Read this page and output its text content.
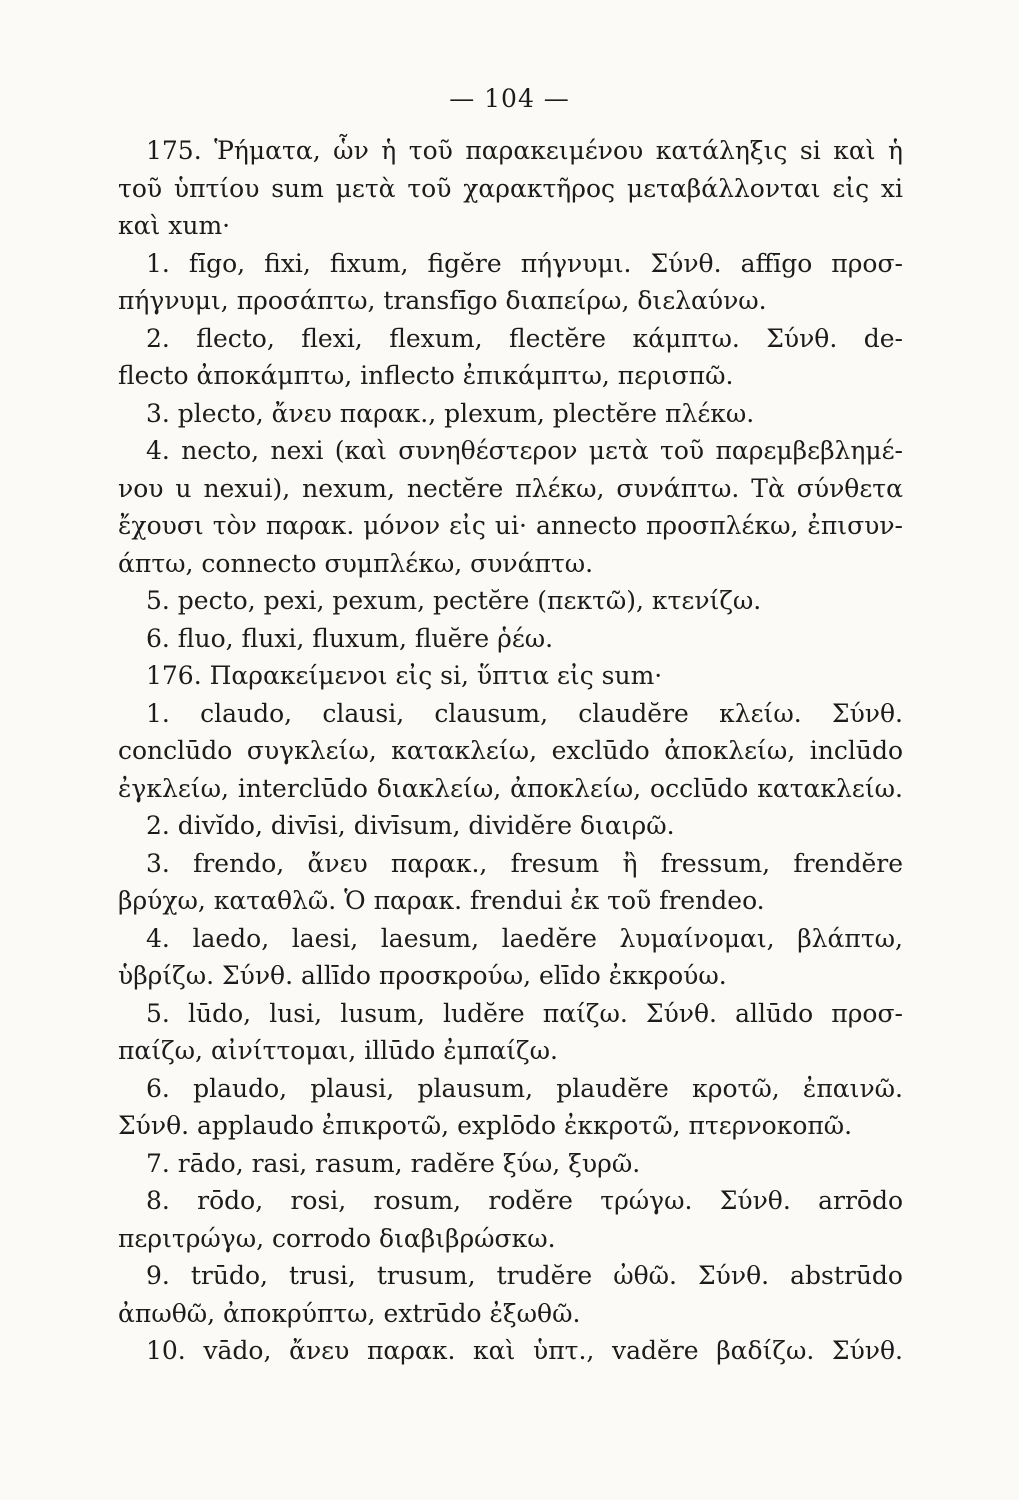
— 104 —
175. Ῥήματα, ὧν ἡ τοῦ παρακειμένου κατάληξις si καὶ ἡ
τοῦ ὑπτίου sum μετὰ τοῦ χαρακτῆρος μεταβάλλονται εἰς xi
καὶ xum·
1. fīgo, fixi, fixum, figĕre πήγνυμι. Σύνθ. affīgo προσ-
πήγνυμι, προσάπτω, transfīgo διαπείρω, διελαύνω.
2. flecto, flexi, flexum, flectĕre κάμπτω. Σύνθ. de-
flecto ἀποκάμπτω, inflecto ἐπικάμπτω, περισπῶ.
3. plecto, ἄνευ παρακ., plexum, plectĕre πλέκω.
4. necto, nexi (καὶ συνηθέστερον μετὰ τοῦ παρεμβεβλημέ-
νου u nexui), nexum, nectĕre πλέκω, συνάπτω. Τὰ σύνθετα
ἔχουσι τὸν παρακ. μόνον εἰς ui· annecto προσπλέκω, ἐπισυν-
άπτω, connecto συμπλέκω, συνάπτω.
5. pecto, pexi, pexum, pectĕre (πεκτῶ), κτενίζω.
6. fluo, fluxi, fluxum, fluĕre ῥέω.
176. Παρακείμενοι εἰς si, ὕπτια εἰς sum·
1. claudo, clausi, clausum, claudĕre κλείω. Σύνθ.
conclūdo συγκλείω, κατακλείω, exclūdo ἀποκλείω, inclūdo
ἐγκλείω, interclūdo διακλείω, ἀποκλείω, occlūdo κατακλείω.
2. divĭdo, divīsi, divīsum, dividĕre διαιρῶ.
3. frendo, ἄνευ παρακ., fresum ἢ fressum, frendĕre
βρύχω, καταθλῶ. Ὁ παρακ. frendui ἐκ τοῦ frendeo.
4. laedo, laesi, laesum, laedĕre λυμαίνομαι, βλάπτω,
ὑβρίζω. Σύνθ. allīdo προσκρούω, elīdo ἐκκρούω.
5. lūdo, lusi, lusum, ludĕre παίζω. Σύνθ. allūdo προσ-
παίζω, αἰνίττομαι, illūdo ἐμπαίζω.
6. plaudo, plausi, plausum, plaudĕre κροτῶ, ἐπαινῶ.
Σύνθ. applaudo ἐπικροτῶ, explōdo ἐκκροτῶ, πτερνοκοπῶ.
7. rādo, rasi, rasum, radĕre ξύω, ξυρῶ.
8. rōdo, rosi, rosum, rodĕre τρώγω. Σύνθ. arrōdo
περιτρώγω, corrodo διαβιβρώσκω.
9. trūdo, trusi, trusum, trudĕre ὠθῶ. Σύνθ. abstrūdo
ἀπωθῶ, ἀποκρύπτω, extrūdo ἐξωθῶ.
10. vādo, ἄνευ παρακ. καὶ ὑπτ., vadĕre βαδίζω. Σύνθ.
